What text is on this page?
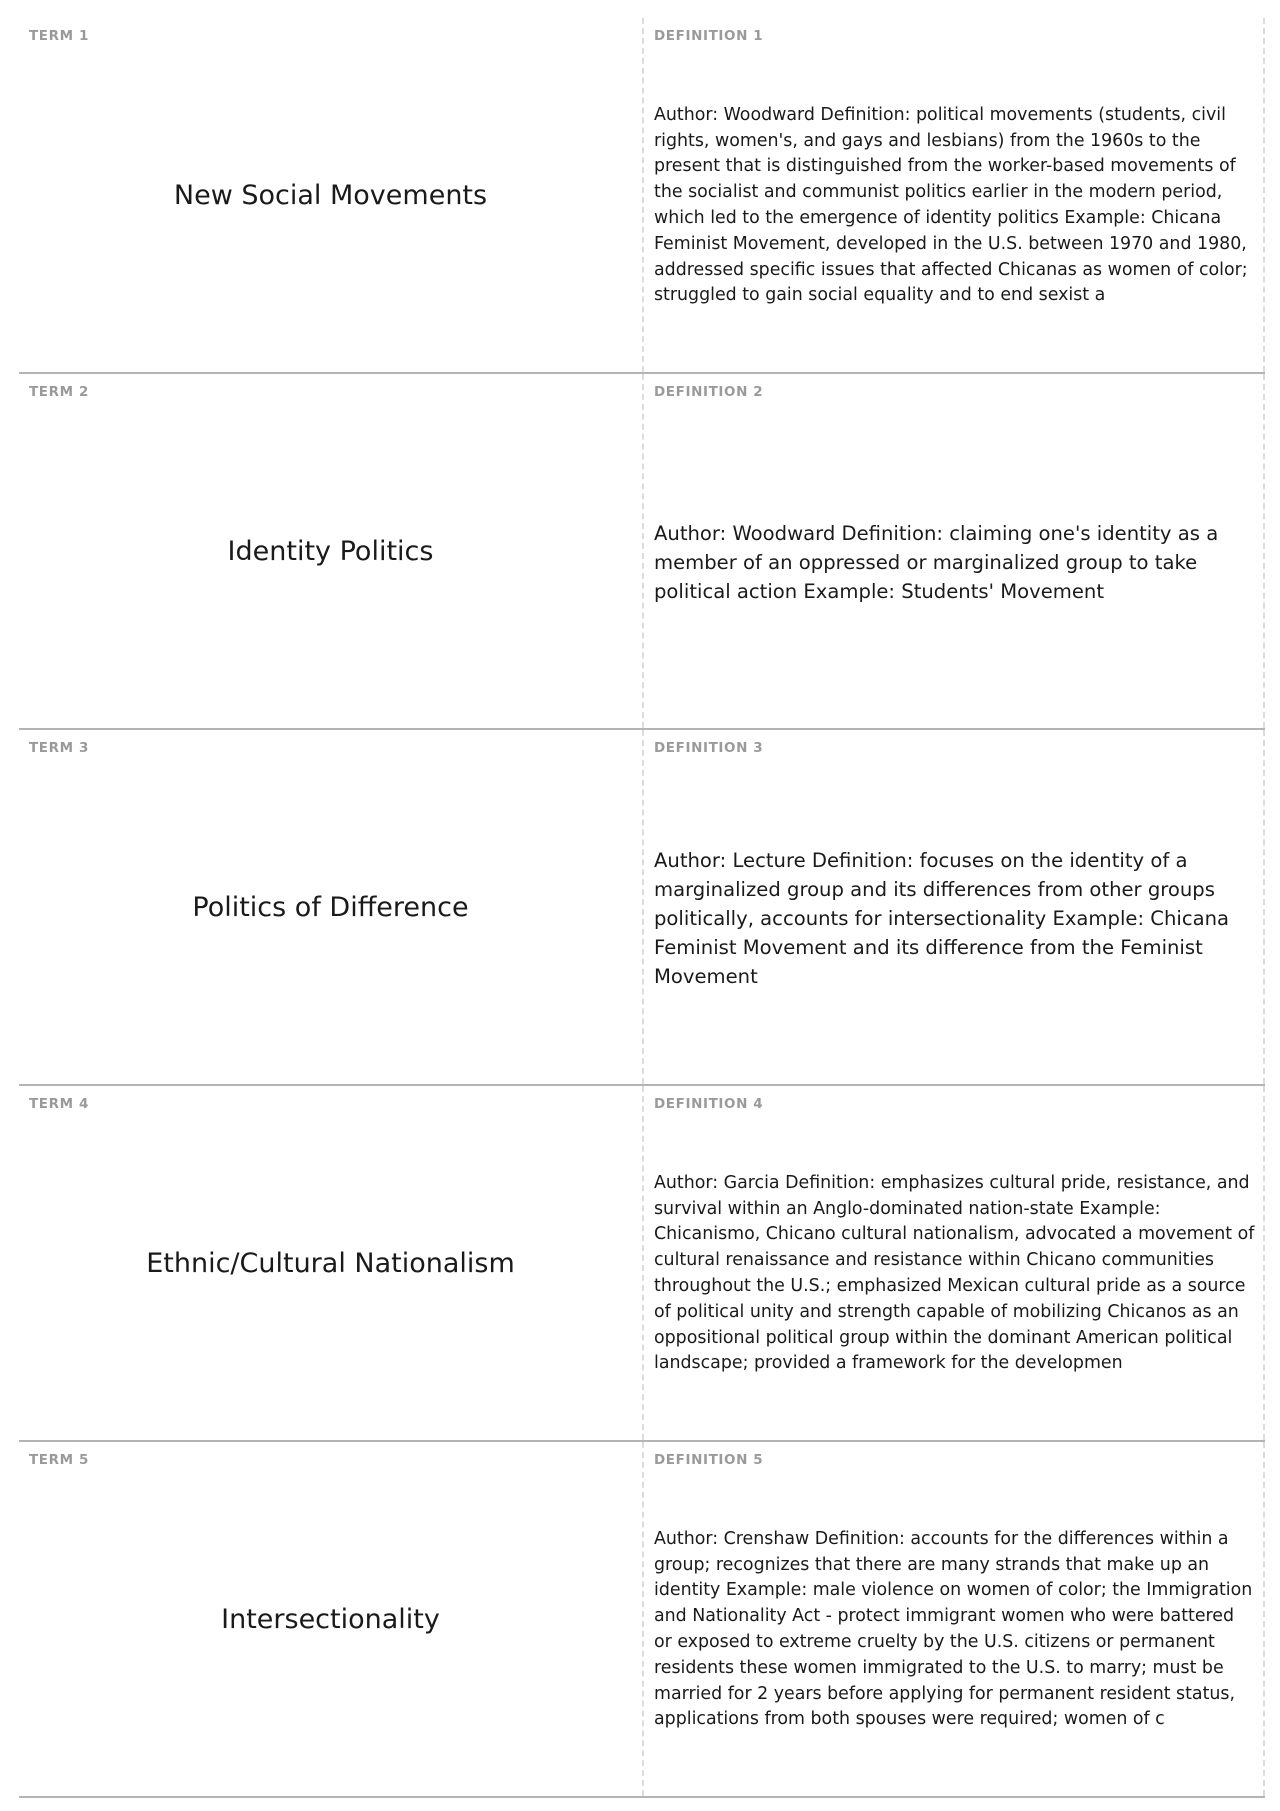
TERM 1
New Social Movements
DEFINITION 1
Author: Woodward Definition: political movements (students, civil rights, women's, and gays and lesbians) from the 1960s to the present that is distinguished from the worker-based movements of the socialist and communist politics earlier in the modern period, which led to the emergence of identity politics Example: Chicana Feminist Movement, developed in the U.S. between 1970 and 1980, addressed specific issues that affected Chicanas as women of color; struggled to gain social equality and to end sexist a
TERM 2
Identity Politics
DEFINITION 2
Author: Woodward Definition: claiming one's identity as a member of an oppressed or marginalized group to take political action Example: Students' Movement
TERM 3
Politics of Difference
DEFINITION 3
Author: Lecture Definition: focuses on the identity of a marginalized group and its differences from other groups politically, accounts for intersectionality Example: Chicana Feminist Movement and its difference from the Feminist Movement
TERM 4
Ethnic/Cultural Nationalism
DEFINITION 4
Author: Garcia Definition: emphasizes cultural pride, resistance, and survival within an Anglo-dominated nation-state Example: Chicanismo, Chicano cultural nationalism, advocated a movement of cultural renaissance and resistance within Chicano communities throughout the U.S.; emphasized Mexican cultural pride as a source of political unity and strength capable of mobilizing Chicanos as an oppositional political group within the dominant American political landscape; provided a framework for the developmen
TERM 5
Intersectionality
DEFINITION 5
Author: Crenshaw Definition: accounts for the differences within a group; recognizes that there are many strands that make up an identity Example: male violence on women of color; the Immigration and Nationality Act - protect immigrant women who were battered or exposed to extreme cruelty by the U.S. citizens or permanent residents these women immigrated to the U.S. to marry; must be married for 2 years before applying for permanent resident status, applications from both spouses were required; women of c
